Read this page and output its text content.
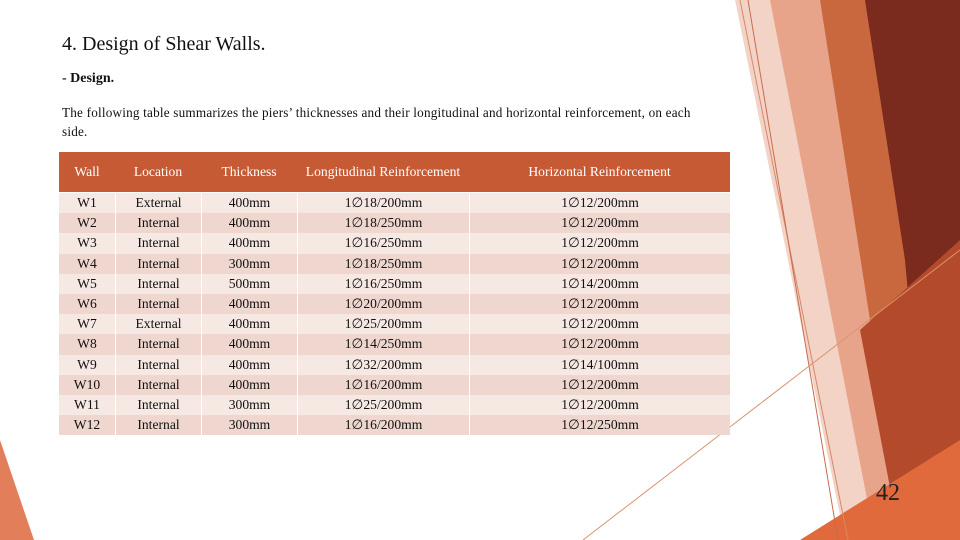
4. Design of Shear Walls.
- Design.
The following table summarizes the piers’ thicknesses and their longitudinal and horizontal reinforcement, on each side.
Wall	Location	Thickness	Longitudinal Reinforcement	Horizontal Reinforcement
W1	External	400mm	1∅18/200mm	1∅12/200mm
W2	Internal	400mm	1∅18/250mm	1∅12/200mm
W3	Internal	400mm	1∅16/250mm	1∅12/200mm
W4	Internal	300mm	1∅18/250mm	1∅12/200mm
W5	Internal	500mm	1∅16/250mm	1∅14/200mm
W6	Internal	400mm	1∅20/200mm	1∅12/200mm
W7	External	400mm	1∅25/200mm	1∅12/200mm
W8	Internal	400mm	1∅14/250mm	1∅12/200mm
W9	Internal	400mm	1∅32/200mm	1∅14/100mm
W10	Internal	400mm	1∅16/200mm	1∅12/200mm
W11	Internal	300mm	1∅25/200mm	1∅12/200mm
W12	Internal	300mm	1∅16/200mm	1∅12/250mm
42
